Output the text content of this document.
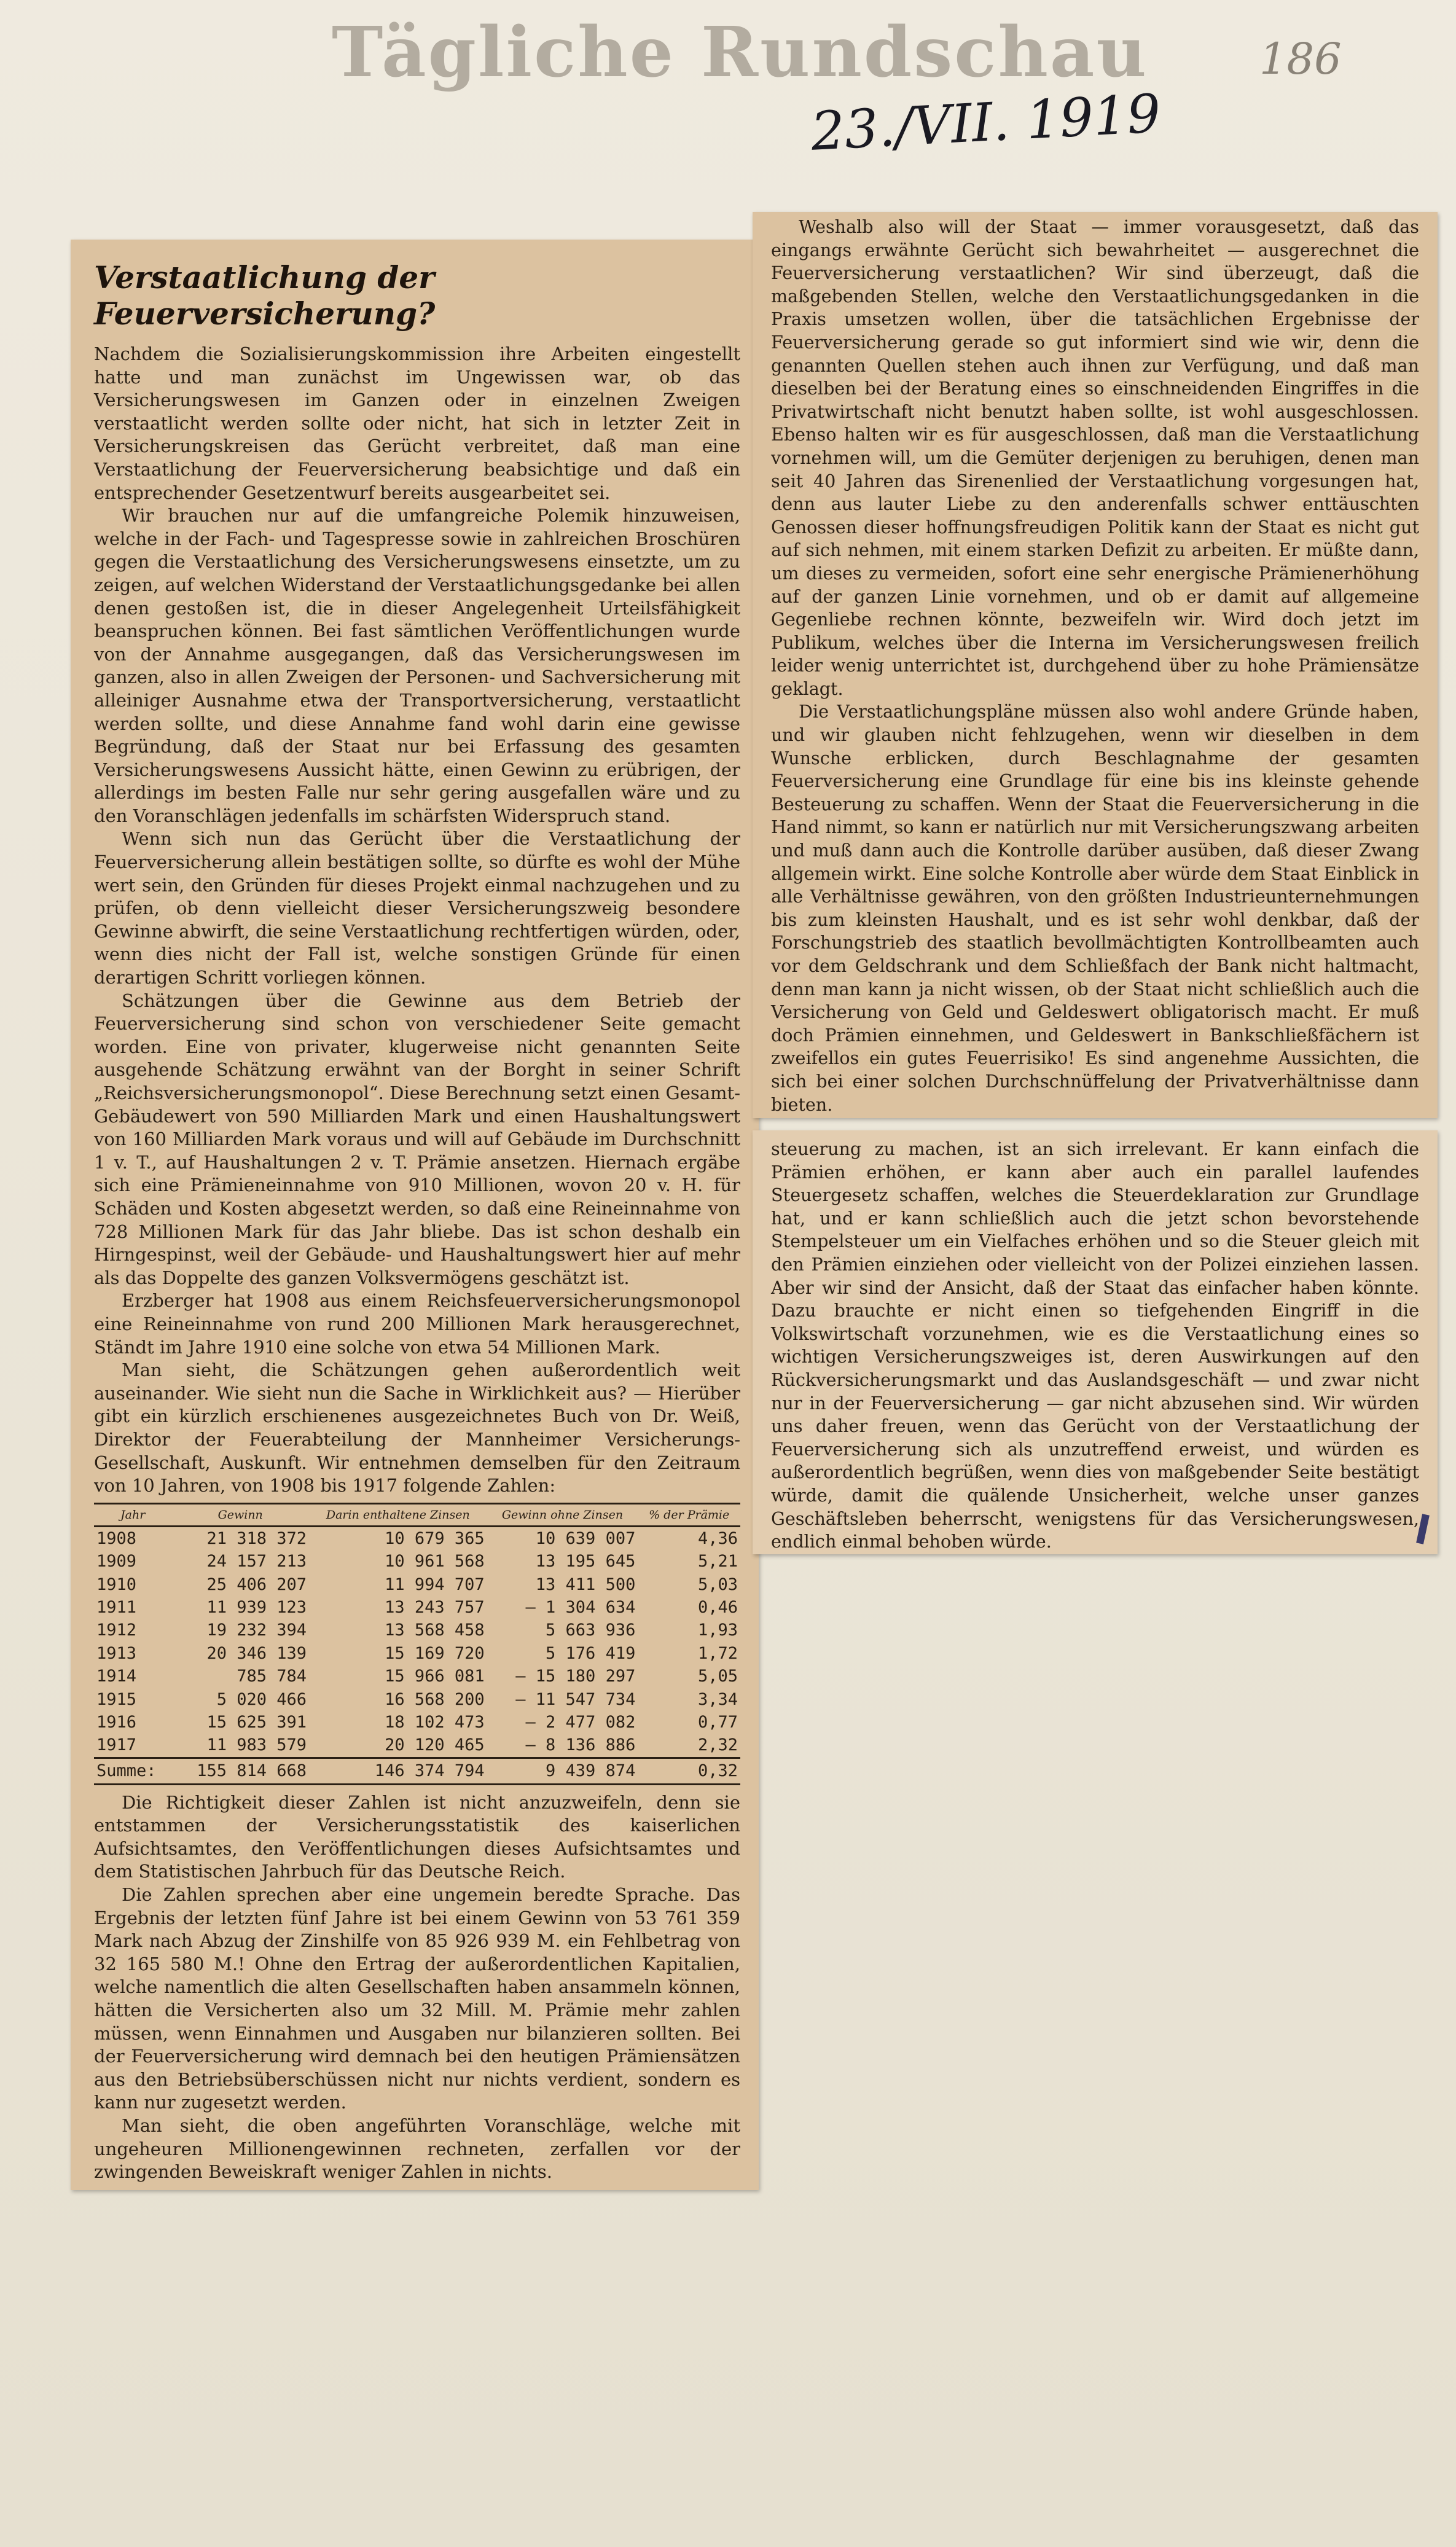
Tägliche Rundschau	186
23./VII. 1919
Verstaatlichung der Feuerversicherung?

Nachdem die Sozialisierungskommission ihre Arbeiten eingestellt hatte und man zunächst im Ungewissen war, ob das Versicherungswesen im Ganzen oder in einzelnen Zweigen verstaatlicht werden sollte oder nicht, hat sich in letzter Zeit in Versicherungskreisen das Gerücht verbreitet, daß man eine Verstaatlichung der Feuerversicherung beabsichtige und daß ein entsprechender Gesetzentwurf bereits ausgearbeitet sei.

Wir brauchen nur auf die umfangreiche Polemik hinzuweisen, welche in der Fach- und Tagespresse sowie in zahlreichen Broschüren gegen die Verstaatlichung des Versicherungswesens einsetzte, um zu zeigen, auf welchen Widerstand der Verstaatlichungsgedanke bei allen denen gestoßen ist, die in dieser Angelegenheit Urteilsfähigkeit beanspruchen können. Bei fast sämtlichen Veröffentlichungen wurde von der Annahme ausgegangen, daß das Versicherungswesen im ganzen, also in allen Zweigen der Personen- und Sachversicherung mit alleiniger Ausnahme etwa der Transportversicherung, verstaatlicht werden sollte, und diese Annahme fand wohl darin eine gewisse Begründung, daß der Staat nur bei Erfassung des gesamten Versicherungswesens Aussicht hätte, einen Gewinn zu erübrigen, der allerdings im besten Falle nur sehr gering ausgefallen wäre und zu den Voranschlägen jedenfalls im schärfsten Widerspruch stand.

Wenn sich nun das Gerücht über die Verstaatlichung der Feuerversicherung allein bestätigen sollte, so dürfte es wohl der Mühe wert sein, den Gründen für dieses Projekt einmal nachzugehen und zu prüfen, ob denn vielleicht dieser Versicherungszweig besondere Gewinne abwirft, die seine Verstaatlichung rechtfertigen würden, oder, wenn dies nicht der Fall ist, welche sonstigen Gründe für einen derartigen Schritt vorliegen können.

Schätzungen über die Gewinne aus dem Betrieb der Feuerversicherung sind schon von verschiedener Seite gemacht worden. Eine von privater, klugerweise nicht genannten Seite ausgehende Schätzung erwähnt van der Borght in seiner Schrift „Reichsversicherungsmonopol“. Diese Berechnung setzt einen Gesamt-Gebäudewert von 590 Milliarden Mark und einen Haushaltungswert von 160 Milliarden Mark voraus und will auf Gebäude im Durchschnitt 1 v. T., auf Haushaltungen 2 v. T. Prämie ansetzen. Hiernach ergäbe sich eine Prämieneinnahme von 910 Millionen, wovon 20 v. H. für Schäden und Kosten abgesetzt werden, so daß eine Reineinnahme von 728 Millionen Mark für das Jahr bliebe. Das ist schon deshalb ein Hirngespinst, weil der Gebäude- und Haushaltungswert hier auf mehr als das Doppelte des ganzen Volksvermögens geschätzt ist.

Erzberger hat 1908 aus einem Reichsfeuerversicherungsmonopol eine Reineinnahme von rund 200 Millionen Mark herausgerechnet, Ständt im Jahre 1910 eine solche von etwa 54 Millionen Mark.

Man sieht, die Schätzungen gehen außerordentlich weit auseinander. Wie sieht nun die Sache in Wirklichkeit aus? — Hierüber gibt ein kürzlich erschienenes ausgezeichnetes Buch von Dr. Weiß, Direktor der Feuerabteilung der Mannheimer Versicherungs-Gesellschaft, Auskunft. Wir entnehmen demselben für den Zeitraum von 10 Jahren, von 1908 bis 1917 folgende Zahlen:

Jahr	Gewinn	Darin enthaltene Zinsen	Gewinn ohne Zinsen	% der Prämie
1908	21 318 372	10 679 365	10 639 007	4,36
1909	24 157 213	10 961 568	13 195 645	5,21
1910	25 406 207	11 994 707	13 411 500	5,03
1911	11 939 123	13 243 757	— 1 304 634	0,46
1912	19 232 394	13 568 458	5 663 936	1,93
1913	20 346 139	15 169 720	5 176 419	1,72
1914	785 784	15 966 081	— 15 180 297	5,05
1915	5 020 466	16 568 200	— 11 547 734	3,34
1916	15 625 391	18 102 473	— 2 477 082	0,77
1917	11 983 579	20 120 465	— 8 136 886	2,32
Summe:	155 814 668	146 374 794	9 439 874	0,32

Die Richtigkeit dieser Zahlen ist nicht anzuzweifeln, denn sie entstammen der Versicherungsstatistik des kaiserlichen Aufsichtsamtes, den Veröffentlichungen dieses Aufsichtsamtes und dem Statistischen Jahrbuch für das Deutsche Reich.

Die Zahlen sprechen aber eine ungemein beredte Sprache. Das Ergebnis der letzten fünf Jahre ist bei einem Gewinn von 53 761 359 Mark nach Abzug der Zinshilfe von 85 926 939 M. ein Fehlbetrag von 32 165 580 M.! Ohne den Ertrag der außerordentlichen Kapitalien, welche namentlich die alten Gesellschaften haben ansammeln können, hätten die Versicherten also um 32 Mill. M. Prämie mehr zahlen müssen, wenn Einnahmen und Ausgaben nur bilanzieren sollten. Bei der Feuerversicherung wird demnach bei den heutigen Prämiensätzen aus den Betriebsüberschüssen nicht nur nichts verdient, sondern es kann nur zugesetzt werden.

Man sieht, die oben angeführten Voranschläge, welche mit ungeheuren Millionengewinnen rechneten, zerfallen vor der zwingenden Beweiskraft weniger Zahlen in nichts.

Weshalb also will der Staat — immer vorausgesetzt, daß das eingangs erwähnte Gerücht sich bewahrheitet — ausgerechnet die Feuerversicherung verstaatlichen? Wir sind überzeugt, daß die maßgebenden Stellen, welche den Verstaatlichungsgedanken in die Praxis umsetzen wollen, über die tatsächlichen Ergebnisse der Feuerversicherung gerade so gut informiert sind wie wir, denn die genannten Quellen stehen auch ihnen zur Verfügung, und daß man dieselben bei der Beratung eines so einschneidenden Eingriffes in die Privatwirtschaft nicht benutzt haben sollte, ist wohl ausgeschlossen. Ebenso halten wir es für ausgeschlossen, daß man die Verstaatlichung vornehmen will, um die Gemüter derjenigen zu beruhigen, denen man seit 40 Jahren das Sirenenlied der Verstaatlichung vorgesungen hat, denn aus lauter Liebe zu den anderenfalls schwer enttäuschten Genossen dieser hoffnungsfreudigen Politik kann der Staat es nicht gut auf sich nehmen, mit einem starken Defizit zu arbeiten. Er müßte dann, um dieses zu vermeiden, sofort eine sehr energische Prämienerhöhung auf der ganzen Linie vornehmen, und ob er damit auf allgemeine Gegenliebe rechnen könnte, bezweifeln wir. Wird doch jetzt im Publikum, welches über die Interna im Versicherungswesen freilich leider wenig unterrichtet ist, durchgehend über zu hohe Prämiensätze geklagt.

Die Verstaatlichungspläne müssen also wohl andere Gründe haben, und wir glauben nicht fehlzugehen, wenn wir dieselben in dem Wunsche erblicken, durch Beschlagnahme der gesamten Feuerversicherung eine Grundlage für eine bis ins kleinste gehende Besteuerung zu schaffen. Wenn der Staat die Feuerversicherung in die Hand nimmt, so kann er natürlich nur mit Versicherungszwang arbeiten und muß dann auch die Kontrolle darüber ausüben, daß dieser Zwang allgemein wirkt. Eine solche Kontrolle aber würde dem Staat Einblick in alle Verhältnisse gewähren, von den größten Industrieunternehmungen bis zum kleinsten Haushalt, und es ist sehr wohl denkbar, daß der Forschungstrieb des staatlich bevollmächtigten Kontrollbeamten auch vor dem Geldschrank und dem Schließfach der Bank nicht haltmacht, denn man kann ja nicht wissen, ob der Staat nicht schließlich auch die Versicherung von Geld und Geldeswert obligatorisch macht. Er muß doch Prämien einnehmen, und Geldeswert in Bankschließfächern ist zweifellos ein gutes Feuerrisiko! Es sind angenehme Aussichten, die sich bei einer solchen Durchschnüffelung der Privatverhältnisse dann bieten.

steuerung zu machen, ist an sich irrelevant. Er kann einfach die Prämien erhöhen, er kann aber auch ein parallel laufendes Steuergesetz schaffen, welches die Steuerdeklaration zur Grundlage hat, und er kann schließlich auch die jetzt schon bevorstehende Stempelsteuer um ein Vielfaches erhöhen und so die Steuer gleich mit den Prämien einziehen oder vielleicht von der Polizei einziehen lassen. Aber wir sind der Ansicht, daß der Staat das einfacher haben könnte. Dazu brauchte er nicht einen so tiefgehenden Eingriff in die Volkswirtschaft vorzunehmen, wie es die Verstaatlichung eines so wichtigen Versicherungszweiges ist, deren Auswirkungen auf den Rückversicherungsmarkt und das Auslandsgeschäft — und zwar nicht nur in der Feuerversicherung — gar nicht abzusehen sind. Wir würden uns daher freuen, wenn das Gerücht von der Verstaatlichung der Feuerversicherung sich als unzutreffend erweist, und würden es außerordentlich begrüßen, wenn dies von maßgebender Seite bestätigt würde, damit die quälende Unsicherheit, welche unser ganzes Geschäftsleben beherrscht, wenigstens für das Versicherungswesen, endlich einmal behoben würde.
